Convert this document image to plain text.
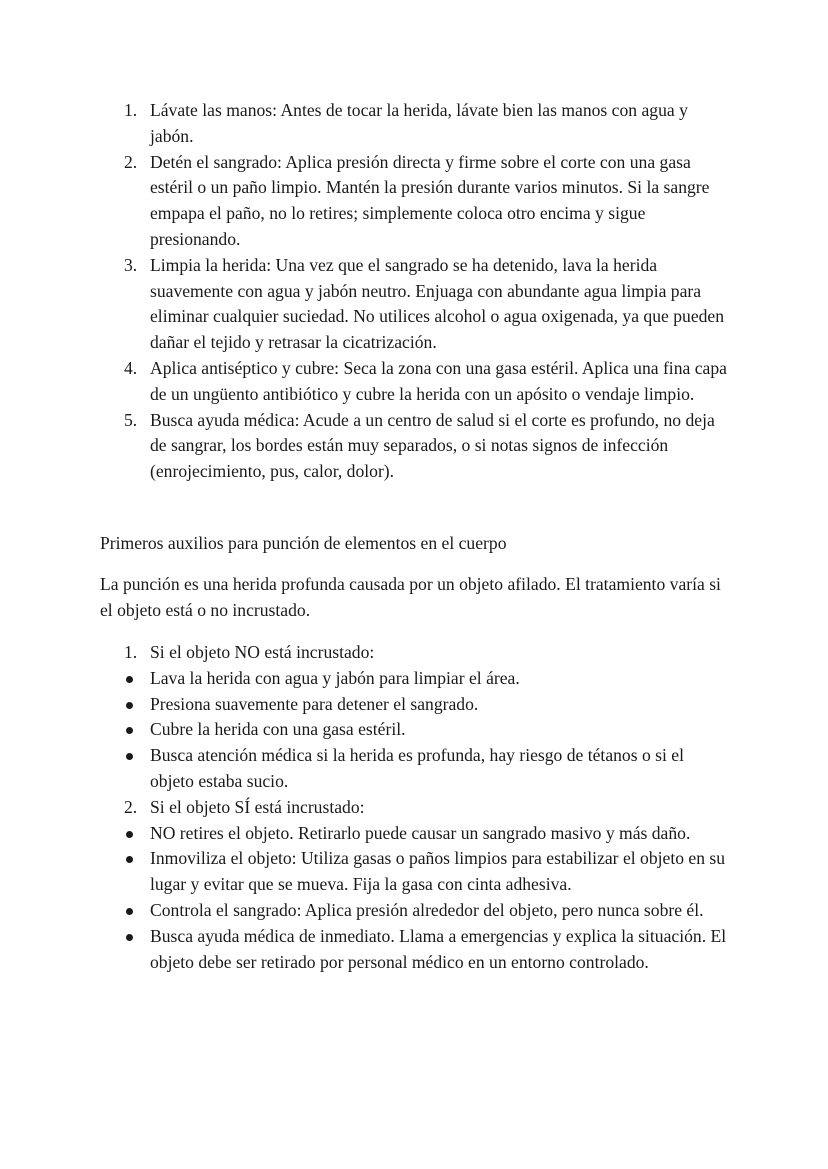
1. Lávate las manos: Antes de tocar la herida, lávate bien las manos con agua y jabón.
2. Detén el sangrado: Aplica presión directa y firme sobre el corte con una gasa estéril o un paño limpio. Mantén la presión durante varios minutos. Si la sangre empapa el paño, no lo retires; simplemente coloca otro encima y sigue presionando.
3. Limpia la herida: Una vez que el sangrado se ha detenido, lava la herida suavemente con agua y jabón neutro. Enjuaga con abundante agua limpia para eliminar cualquier suciedad. No utilices alcohol o agua oxigenada, ya que pueden dañar el tejido y retrasar la cicatrización.
4. Aplica antiséptico y cubre: Seca la zona con una gasa estéril. Aplica una fina capa de un ungüento antibiótico y cubre la herida con un apósito o vendaje limpio.
5. Busca ayuda médica: Acude a un centro de salud si el corte es profundo, no deja de sangrar, los bordes están muy separados, o si notas signos de infección (enrojecimiento, pus, calor, dolor).
Primeros auxilios para punción de elementos en el cuerpo
La punción es una herida profunda causada por un objeto afilado. El tratamiento varía si el objeto está o no incrustado.
1. Si el objeto NO está incrustado:
Lava la herida con agua y jabón para limpiar el área.
Presiona suavemente para detener el sangrado.
Cubre la herida con una gasa estéril.
Busca atención médica si la herida es profunda, hay riesgo de tétanos o si el objeto estaba sucio.
2. Si el objeto SÍ está incrustado:
NO retires el objeto. Retirarlo puede causar un sangrado masivo y más daño.
Inmoviliza el objeto: Utiliza gasas o paños limpios para estabilizar el objeto en su lugar y evitar que se mueva. Fija la gasa con cinta adhesiva.
Controla el sangrado: Aplica presión alrededor del objeto, pero nunca sobre él.
Busca ayuda médica de inmediato. Llama a emergencias y explica la situación. El objeto debe ser retirado por personal médico en un entorno controlado.
